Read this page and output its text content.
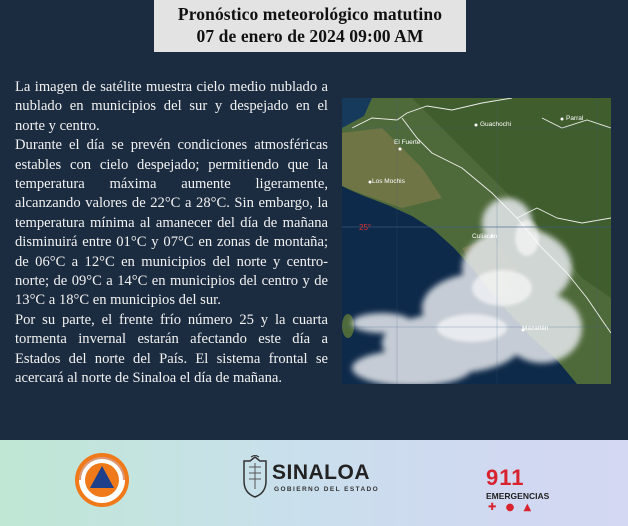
Pronóstico meteorológico matutino
07 de enero de 2024 09:00 AM

La imagen de satélite muestra cielo medio nublado a nublado en municipios del sur y despejado en el norte y centro.

Durante el día se prevén condiciones atmosféricas estables con cielo despejado; permitiendo que la temperatura máxima aumente ligeramente, alcanzando valores de 22°C a 28°C. Sin embargo, la temperatura mínima al amanecer del día de mañana disminuirá entre 01°C y 07°C en zonas de montaña; de 06°C a 12°C en municipios del norte y centro-norte; de 09°C a 14°C en municipios del centro y de 13°C a 18°C en municipios del sur.

Por su parte, el frente frío número 25 y la cuarta tormenta invernal estarán afectando este día a Estados del norte del País. El sistema frontal se acercará al norte de Sinaloa el día de mañana.

Parral
Guachochi
El Fuerte
Los Mochis
Culiacán
Mazatlán
25°
SINALOA
GOBIERNO DEL ESTADO	911
EMERGENCIAS
✚ ● ▲
